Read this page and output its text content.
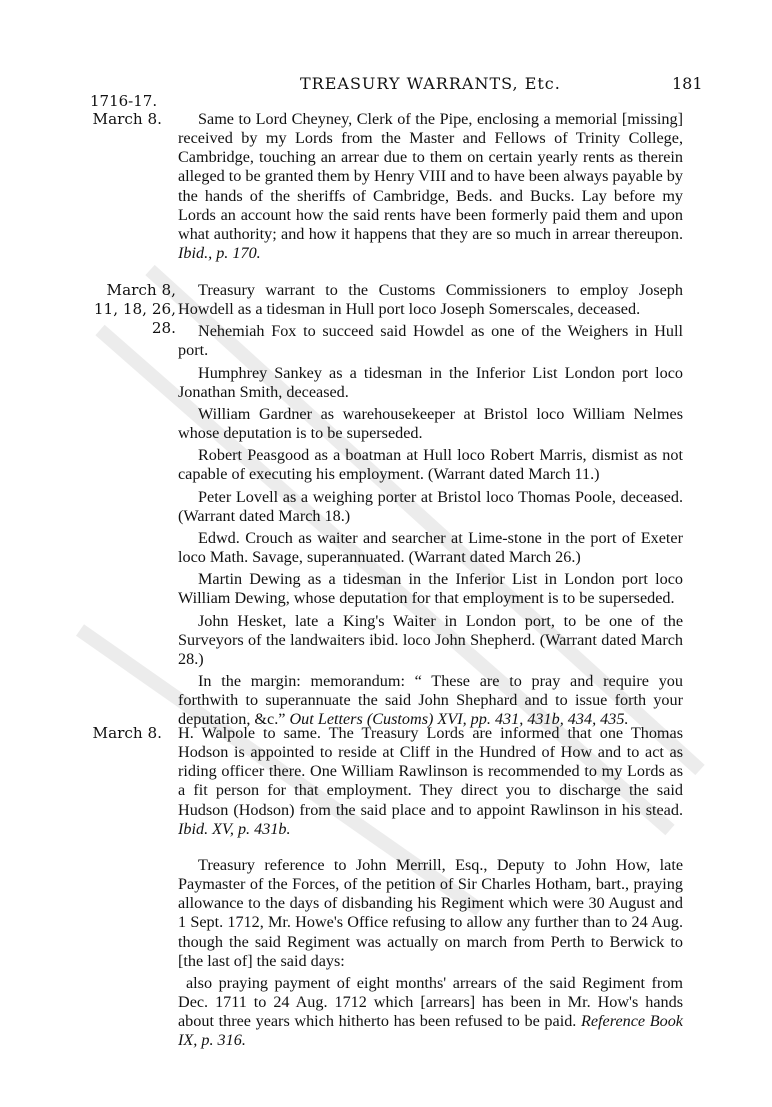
TREASURY WARRANTS, Etc.	181
1716-17.
March 8.	Same to Lord Cheyney, Clerk of the Pipe, enclosing a memorial [missing] received by my Lords from the Master and Fellows of Trinity College, Cambridge, touching an arrear due to them on certain yearly rents as therein alleged to be granted them by Henry VIII and to have been always payable by the hands of the sheriffs of Cambridge, Beds. and Bucks. Lay before my Lords an account how the said rents have been formerly paid them and upon what authority; and how it happens that they are so much in arrear thereupon. Ibid., p. 170.

March 8,
11, 18, 26,
28.

Treasury warrant to the Customs Commissioners to employ Joseph Howdell as a tidesman in Hull port loco Joseph Somerscales, deceased.

Nehemiah Fox to succeed said Howdel as one of the Weighers in Hull port.

Humphrey Sankey as a tidesman in the Inferior List London port loco Jonathan Smith, deceased.

William Gardner as warehousekeeper at Bristol loco William Nelmes whose deputation is to be superseded.

Robert Peasgood as a boatman at Hull loco Robert Marris, dismist as not capable of executing his employment. (Warrant dated March 11.)

Peter Lovell as a weighing porter at Bristol loco Thomas Poole, deceased. (Warrant dated March 18.)

Edwd. Crouch as waiter and searcher at Lime-stone in the port of Exeter loco Math. Savage, superannuated. (Warrant dated March 26.)

Martin Dewing as a tidesman in the Inferior List in London port loco William Dewing, whose deputation for that employment is to be superseded.

John Hesket, late a King's Waiter in London port, to be one of the Surveyors of the landwaiters ibid. loco John Shepherd. (Warrant dated March 28.)

In the margin: memorandum: “ These are to pray and require you forthwith to superannuate the said John Shephard and to issue forth your deputation, &c.” Out Letters (Customs) XVI, pp. 431, 431b, 434, 435.

March 8. H. Walpole to same. The Treasury Lords are informed that one Thomas Hodson is appointed to reside at Cliff in the Hundred of How and to act as riding officer there. One William Rawlinson is recommended to my Lords as a fit person for that employment. They direct you to discharge the said Hudson (Hodson) from the said place and to appoint Rawlinson in his stead. Ibid. XV, p. 431b.

Treasury reference to John Merrill, Esq., Deputy to John How, late Paymaster of the Forces, of the petition of Sir Charles Hotham, bart., praying allowance to the days of disbanding his Regiment which were 30 August and 1 Sept. 1712, Mr. Howe's Office refusing to allow any further than to 24 Aug. though the said Regiment was actually on march from Perth to Berwick to [the last of] the said days:

also praying payment of eight months' arrears of the said Regiment from Dec. 1711 to 24 Aug. 1712 which [arrears] has been in Mr. How's hands about three years which hitherto has been refused to be paid. Reference Book IX, p. 316.
